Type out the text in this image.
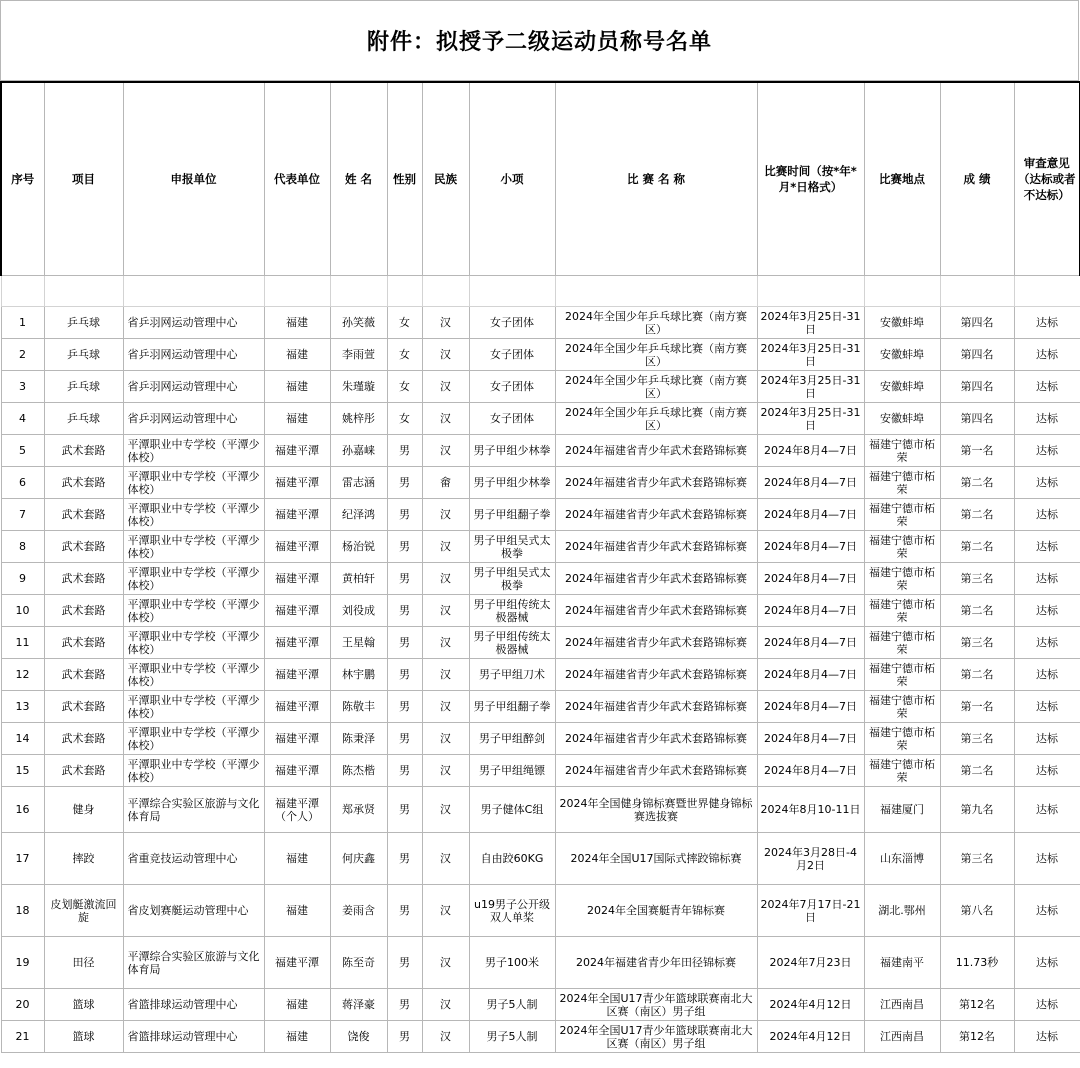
附件：拟授予二级运动员称号名单

序号	项目	申报单位	代表单位	姓 名	性别	民族	小项	比 赛 名 称	比赛时间（按*年*月*日格式）	比赛地点	成 绩	审查意见（达标或者不达标）
1	乒乓球	省乒羽网运动管理中心	福建	孙笑薇	女	汉	女子团体	2024年全国少年乒乓球比赛（南方赛区）	2024年3月25日-31日	安徽蚌埠	第四名	达标
2	乒乓球	省乒羽网运动管理中心	福建	李雨萱	女	汉	女子团体	2024年全国少年乒乓球比赛（南方赛区）	2024年3月25日-31日	安徽蚌埠	第四名	达标
3	乒乓球	省乒羽网运动管理中心	福建	朱瑾璇	女	汉	女子团体	2024年全国少年乒乓球比赛（南方赛区）	2024年3月25日-31日	安徽蚌埠	第四名	达标
4	乒乓球	省乒羽网运动管理中心	福建	姚梓彤	女	汉	女子团体	2024年全国少年乒乓球比赛（南方赛区）	2024年3月25日-31日	安徽蚌埠	第四名	达标
5	武术套路	平潭职业中专学校（平潭少体校）	福建平潭	孙嘉崃	男	汉	男子甲组少林拳	2024年福建省青少年武术套路锦标赛	2024年8月4—7日	福建宁德市柘荣	第一名	达标
6	武术套路	平潭职业中专学校（平潭少体校）	福建平潭	雷志涵	男	畲	男子甲组少林拳	2024年福建省青少年武术套路锦标赛	2024年8月4—7日	福建宁德市柘荣	第二名	达标
7	武术套路	平潭职业中专学校（平潭少体校）	福建平潭	纪泽鸿	男	汉	男子甲组翻子拳	2024年福建省青少年武术套路锦标赛	2024年8月4—7日	福建宁德市柘荣	第二名	达标
8	武术套路	平潭职业中专学校（平潭少体校）	福建平潭	杨治锐	男	汉	男子甲组吴式太极拳	2024年福建省青少年武术套路锦标赛	2024年8月4—7日	福建宁德市柘荣	第二名	达标
9	武术套路	平潭职业中专学校（平潭少体校）	福建平潭	黄柏轩	男	汉	男子甲组吴式太极拳	2024年福建省青少年武术套路锦标赛	2024年8月4—7日	福建宁德市柘荣	第三名	达标
10	武术套路	平潭职业中专学校（平潭少体校）	福建平潭	刘役成	男	汉	男子甲组传统太极器械	2024年福建省青少年武术套路锦标赛	2024年8月4—7日	福建宁德市柘荣	第二名	达标
11	武术套路	平潭职业中专学校（平潭少体校）	福建平潭	王星翰	男	汉	男子甲组传统太极器械	2024年福建省青少年武术套路锦标赛	2024年8月4—7日	福建宁德市柘荣	第三名	达标
12	武术套路	平潭职业中专学校（平潭少体校）	福建平潭	林宇鹏	男	汉	男子甲组刀术	2024年福建省青少年武术套路锦标赛	2024年8月4—7日	福建宁德市柘荣	第二名	达标
13	武术套路	平潭职业中专学校（平潭少体校）	福建平潭	陈敬丰	男	汉	男子甲组翻子拳	2024年福建省青少年武术套路锦标赛	2024年8月4—7日	福建宁德市柘荣	第一名	达标
14	武术套路	平潭职业中专学校（平潭少体校）	福建平潭	陈秉泽	男	汉	男子甲组醉剑	2024年福建省青少年武术套路锦标赛	2024年8月4—7日	福建宁德市柘荣	第三名	达标
15	武术套路	平潭职业中专学校（平潭少体校）	福建平潭	陈杰楷	男	汉	男子甲组绳镖	2024年福建省青少年武术套路锦标赛	2024年8月4—7日	福建宁德市柘荣	第二名	达标
16	健身	平潭综合实验区旅游与文化体育局	福建平潭（个人）	郑承贤	男	汉	男子健体C组	2024年全国健身锦标赛暨世界健身锦标赛选拔赛	2024年8月10-11日	福建厦门	第九名	达标
17	摔跤	省重竞技运动管理中心	福建	何庆鑫	男	汉	自由跤60KG	2024年全国U17国际式摔跤锦标赛	2024年3月28日-4月2日	山东淄博	第三名	达标
18	皮划艇激流回旋	省皮划赛艇运动管理中心	福建	姜雨含	男	汉	u19男子公开级双人单桨	2024年全国赛艇青年锦标赛	2024年7月17日-21日	湖北.鄂州	第八名	达标
19	田径	平潭综合实验区旅游与文化体育局	福建平潭	陈至奇	男	汉	男子100米	2024年福建省青少年田径锦标赛	2024年7月23日	福建南平	11.73秒	达标
20	篮球	省篮排球运动管理中心	福建	蒋泽豪	男	汉	男子5人制	2024年全国U17青少年篮球联赛南北大区赛（南区）男子组	2024年4月12日	江西南昌	第12名	达标
21	篮球	省篮排球运动管理中心	福建	饶俊	男	汉	男子5人制	2024年全国U17青少年篮球联赛南北大区赛（南区）男子组	2024年4月12日	江西南昌	第12名	达标
